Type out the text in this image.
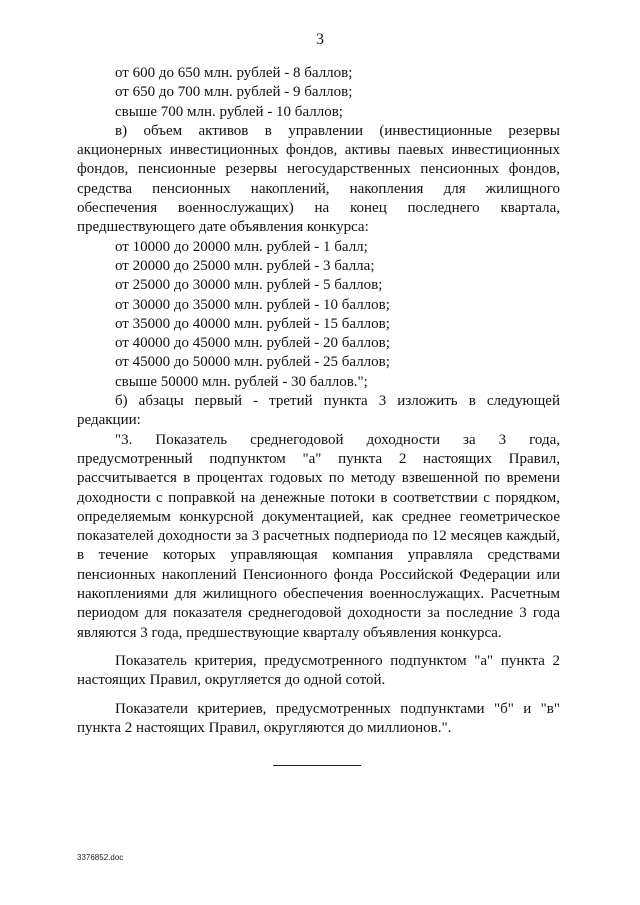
3

от 600 до 650 млн. рублей - 8 баллов;

от 650 до 700 млн. рублей - 9 баллов;

свыше 700 млн. рублей - 10 баллов;

в) объем активов в управлении (инвестиционные резервы

акционерных инвестиционных фондов, активы паевых инвестиционных

фондов, пенсионные резервы негосударственных пенсионных фондов,

средства пенсионных накоплений, накопления для жилищного

обеспечения военнослужащих) на конец последнего квартала,

предшествующего дате объявления конкурса:

от 10000 до 20000 млн. рублей - 1 балл;

от 20000 до 25000 млн. рублей - 3 балла;

от 25000 до 30000 млн. рублей - 5 баллов;

от 30000 до 35000 млн. рублей - 10 баллов;

от 35000 до 40000 млн. рублей - 15 баллов;

от 40000 до 45000 млн. рублей - 20 баллов;

от 45000 до 50000 млн. рублей - 25 баллов;

свыше 50000 млн. рублей - 30 баллов.";

б) абзацы первый - третий пункта 3 изложить в следующей редакции:

"3. Показатель среднегодовой доходности за 3 года,

предусмотренный подпунктом "а" пункта 2 настоящих Правил,

рассчитывается в процентах годовых по методу взвешенной по времени

доходности с поправкой на денежные потоки в соответствии с порядком,

определяемым конкурсной документацией, как среднее геометрическое

показателей доходности за 3 расчетных подпериода по 12 месяцев каждый,

в течение которых управляющая компания управляла средствами

пенсионных накоплений Пенсионного фонда Российской Федерации или

накоплениями для жилищного обеспечения военнослужащих. Расчетным

периодом для показателя среднегодовой доходности за последние 3 года

являются 3 года, предшествующие кварталу объявления конкурса.

Показатель критерия, предусмотренного подпунктом "а" пункта 2

настоящих Правил, округляется до одной сотой.

Показатели критериев, предусмотренных подпунктами "б" и "в"

пункта 2 настоящих Правил, округляются до миллионов.".

3376852.doc
